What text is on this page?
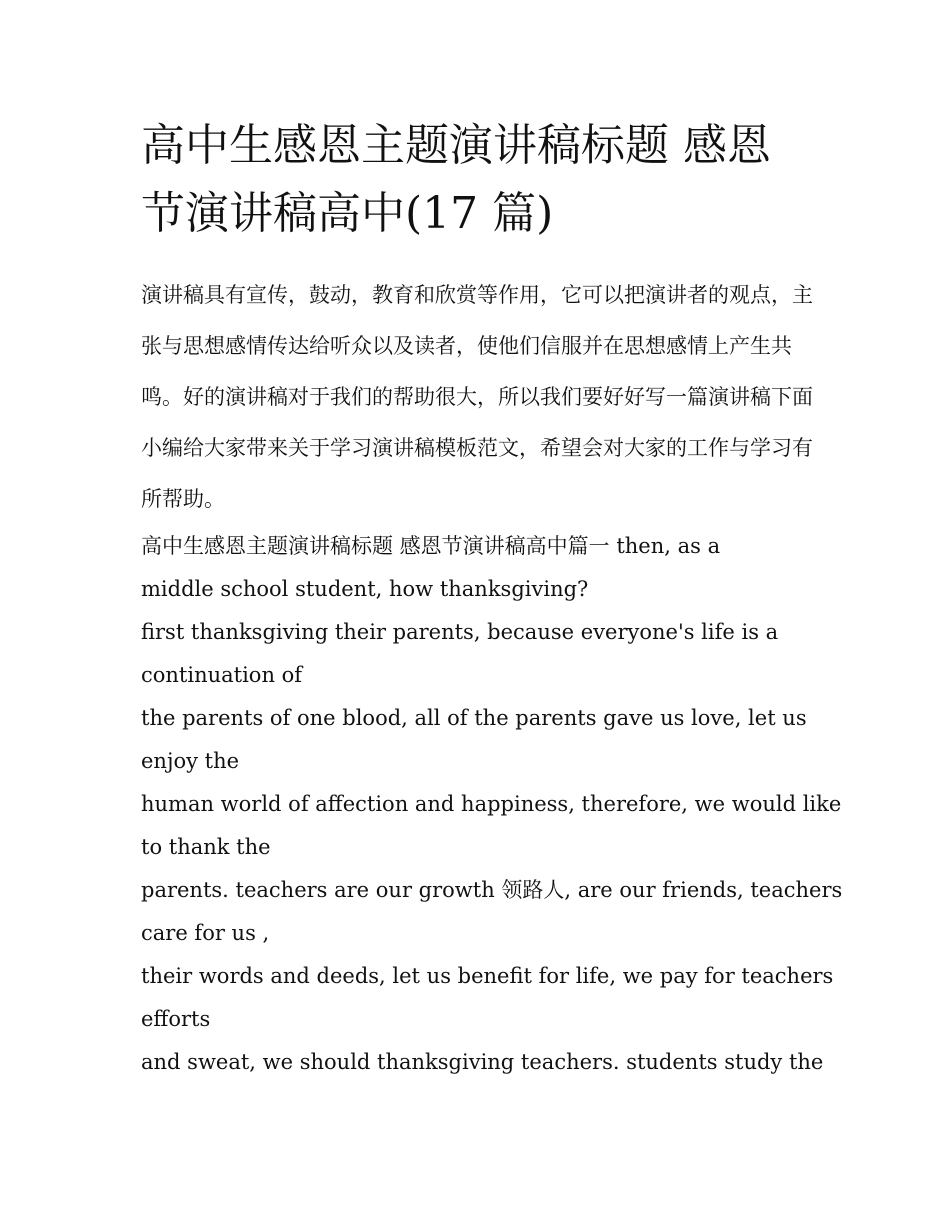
高中生感恩主题演讲稿标题 感恩节演讲稿高中(17 篇)

演讲稿具有宣传，鼓动，教育和欣赏等作用，它可以把演讲者的观点，主张与思想感情传达给听众以及读者，使他们信服并在思想感情上产生共鸣。好的演讲稿对于我们的帮助很大，所以我们要好好写一篇演讲稿下面小编给大家带来关于学习演讲稿模板范文，希望会对大家的工作与学习有所帮助。

高中生感恩主题演讲稿标题 感恩节演讲稿高中篇一 then, as a
middle school student, how thanksgiving?
first thanksgiving their parents, because everyone's life is a
continuation of
the parents of one blood, all of the parents gave us love, let us
enjoy the
human world of affection and happiness, therefore, we would like
to thank the
parents. teachers are our growth 领路人, are our friends, teachers
care for us ,
their words and deeds, let us benefit for life, we pay for teachers
efforts
and sweat, we should thanksgiving teachers. students study the
